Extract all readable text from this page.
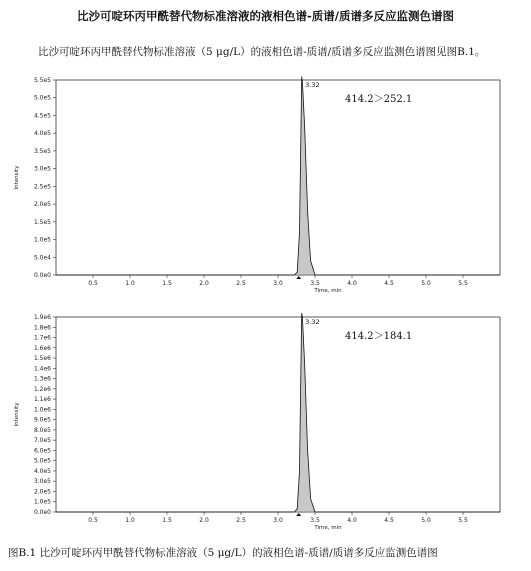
比沙可啶环丙甲酰替代物标准溶液的液相色谱-质谱/质谱多反应监测色谱图
比沙可啶环丙甲酰替代物标准溶液（5 μg/L）的液相色谱-质谱/质谱多反应监测色谱图见图B.1。
0.0e0
5.0e4
1.0e5
1.5e5
2.0e5
2.5e5
3.0e5
3.5e5
4.0e5
4.5e5
5.0e5
5.5e5
0.5	1.0	1.5	2.0	2.5	3.0	3.5	4.0	4.5	5.0	5.5
Time, min
Intensity
3.32
414.2＞252.1
0.0e0
1.0e5
2.0e5
3.0e5
4.0e5
5.0e5
6.0e5
7.0e5
8.0e5
9.0e5
1.0e6
1.1e6
1.2e6
1.3e6
1.4e6
1.5e6
1.6e6
1.7e6
1.8e6
1.9e6
0.5	1.0	1.5	2.0	2.5	3.0	3.5	4.0	4.5	5.0	5.5
Time, min
Intensity
3.32
414.2＞184.1
图B.1 比沙可啶环丙甲酰替代物标准溶液（5 μg/L）的液相色谱-质谱/质谱多反应监测色谱图
